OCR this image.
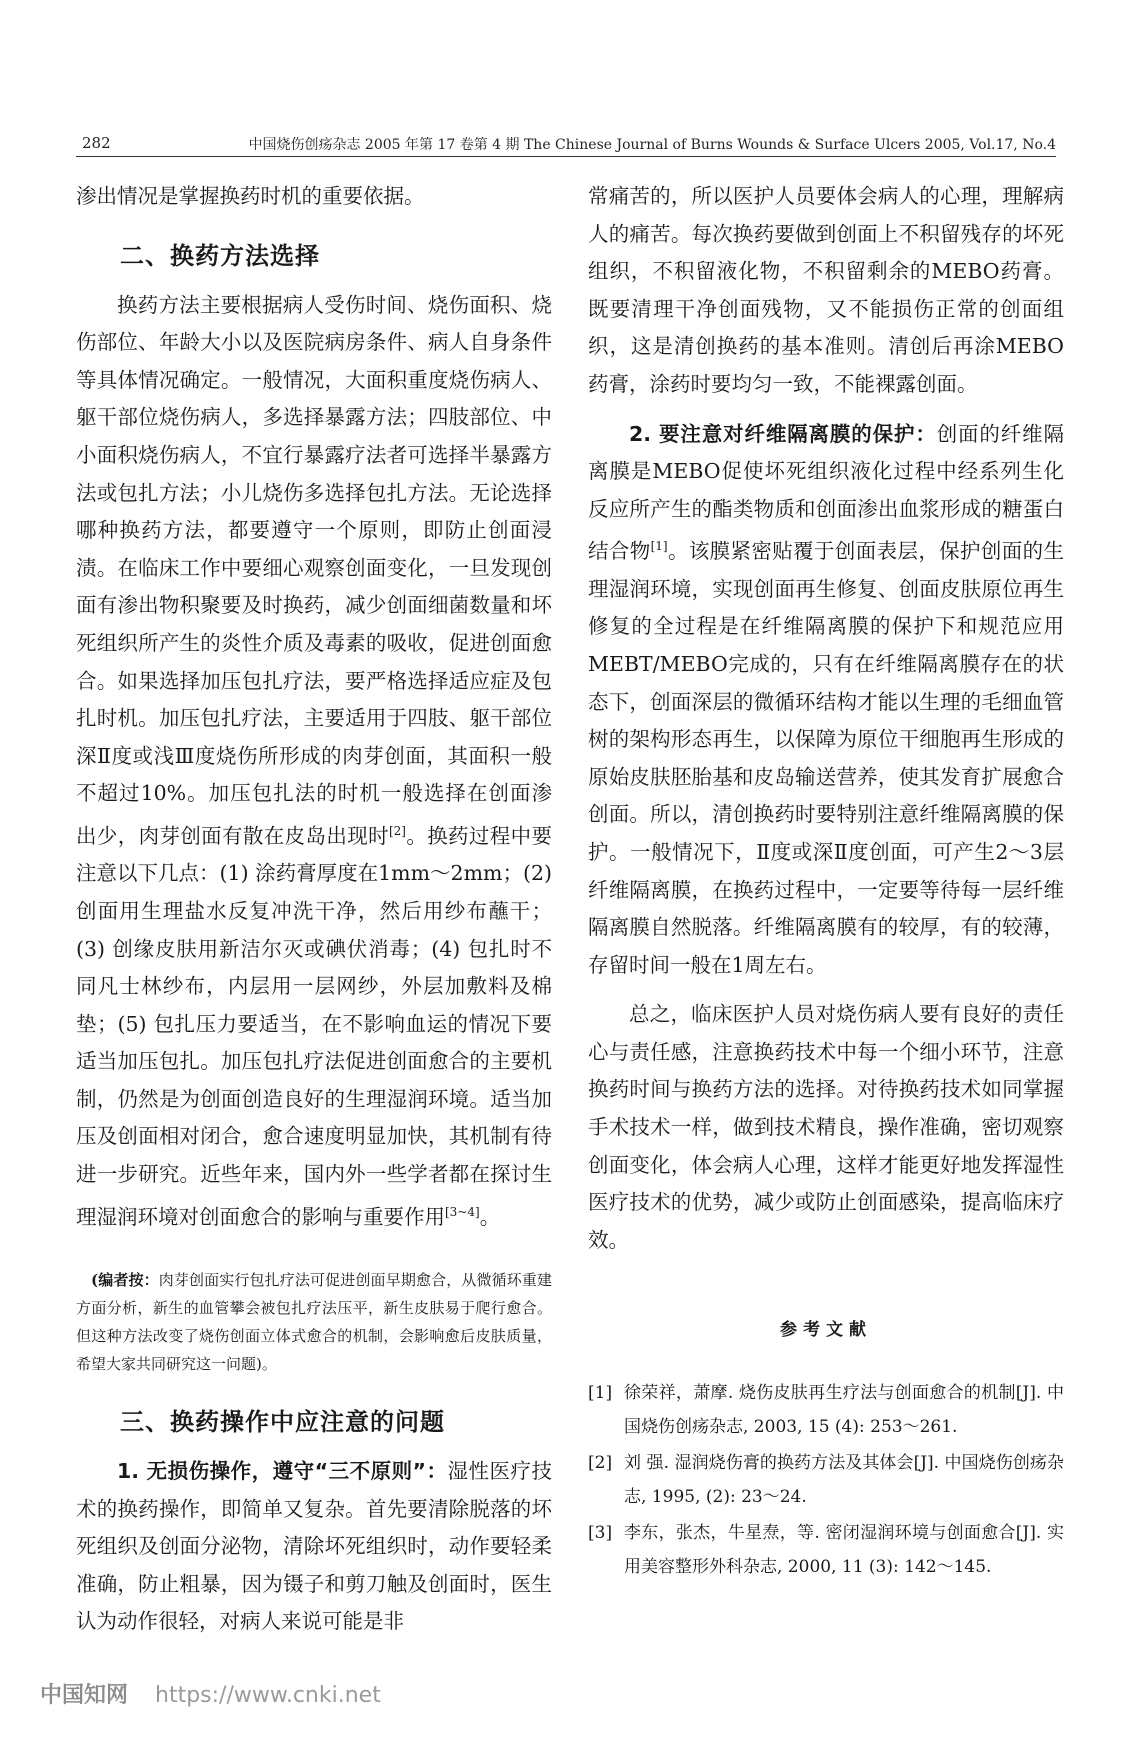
282	中国烧伤创疡杂志 2005 年第 17 卷第 4 期 The Chinese Journal of Burns Wounds & Surface Ulcers 2005, Vol.17, No.4

渗出情况是掌握换药时机的重要依据。

二、换药方法选择

换药方法主要根据病人受伤时间、烧伤面积、烧伤部位、年龄大小以及医院病房条件、病人自身条件等具体情况确定。一般情况，大面积重度烧伤病人、躯干部位烧伤病人，多选择暴露方法；四肢部位、中小面积烧伤病人，不宜行暴露疗法者可选择半暴露方法或包扎方法；小儿烧伤多选择包扎方法。无论选择哪种换药方法，都要遵守一个原则，即防止创面浸渍。在临床工作中要细心观察创面变化，一旦发现创面有渗出物积聚要及时换药，减少创面细菌数量和坏死组织所产生的炎性介质及毒素的吸收，促进创面愈合。如果选择加压包扎疗法，要严格选择适应症及包扎时机。加压包扎疗法，主要适用于四肢、躯干部位深Ⅱ度或浅Ⅲ度烧伤所形成的肉芽创面，其面积一般不超过10%。加压包扎法的时机一般选择在创面渗出少，肉芽创面有散在皮岛出现时[2]。换药过程中要注意以下几点：(1) 涂药膏厚度在1mm～2mm；(2) 创面用生理盐水反复冲洗干净，然后用纱布蘸干；(3) 创缘皮肤用新洁尔灭或碘伏消毒；(4) 包扎时不同凡士林纱布，内层用一层网纱，外层加敷料及棉垫；(5) 包扎压力要适当，在不影响血运的情况下要适当加压包扎。加压包扎疗法促进创面愈合的主要机制，仍然是为创面创造良好的生理湿润环境。适当加压及创面相对闭合，愈合速度明显加快，其机制有待进一步研究。近些年来，国内外一些学者都在探讨生理湿润环境对创面愈合的影响与重要作用[3~4]。

(编者按：肉芽创面实行包扎疗法可促进创面早期愈合，从微循环重建方面分析，新生的血管攀会被包扎疗法压平，新生皮肤易于爬行愈合。但这种方法改变了烧伤创面立体式愈合的机制，会影响愈后皮肤质量，希望大家共同研究这一问题)。
三、换药操作中应注意的问题

1. 无损伤操作，遵守“三不原则”：湿性医疗技术的换药操作，即简单又复杂。首先要清除脱落的坏死组织及创面分泌物，清除坏死组织时，动作要轻柔准确，防止粗暴，因为镊子和剪刀触及创面时，医生认为动作很轻，对病人来说可能是非

常痛苦的，所以医护人员要体会病人的心理，理解病人的痛苦。每次换药要做到创面上不积留残存的坏死组织，不积留液化物，不积留剩余的MEBO药膏。既要清理干净创面残物，又不能损伤正常的创面组织，这是清创换药的基本准则。清创后再涂MEBO药膏，涂药时要均匀一致，不能裸露创面。

2. 要注意对纤维隔离膜的保护：创面的纤维隔离膜是MEBO促使坏死组织液化过程中经系列生化反应所产生的酯类物质和创面渗出血浆形成的糖蛋白结合物[1]。该膜紧密贴覆于创面表层，保护创面的生理湿润环境，实现创面再生修复、创面皮肤原位再生修复的全过程是在纤维隔离膜的保护下和规范应用MEBT/MEBO完成的，只有在纤维隔离膜存在的状态下，创面深层的微循环结构才能以生理的毛细血管树的架构形态再生，以保障为原位干细胞再生形成的原始皮肤胚胎基和皮岛输送营养，使其发育扩展愈合创面。所以，清创换药时要特别注意纤维隔离膜的保护。一般情况下，Ⅱ度或深Ⅱ度创面，可产生2～3层纤维隔离膜，在换药过程中，一定要等待每一层纤维隔离膜自然脱落。纤维隔离膜有的较厚，有的较薄，存留时间一般在1周左右。

总之，临床医护人员对烧伤病人要有良好的责任心与责任感，注意换药技术中每一个细小环节，注意换药时间与换药方法的选择。对待换药技术如同掌握手术技术一样，做到技术精良，操作准确，密切观察创面变化，体会病人心理，这样才能更好地发挥湿性医疗技术的优势，减少或防止创面感染，提高临床疗效。

参考文献
[1] 徐荣祥，萧摩. 烧伤皮肤再生疗法与创面愈合的机制[J]. 中国烧伤创疡杂志, 2003, 15 (4): 253～261.
[2] 刘 强. 湿润烧伤膏的换药方法及其体会[J]. 中国烧伤创疡杂志, 1995, (2): 23～24.
[3] 李东，张杰，牛星焘，等. 密闭湿润环境与创面愈合[J]. 实用美容整形外科杂志, 2000, 11 (3): 142～145.
中国知网 https://www.cnki.net
